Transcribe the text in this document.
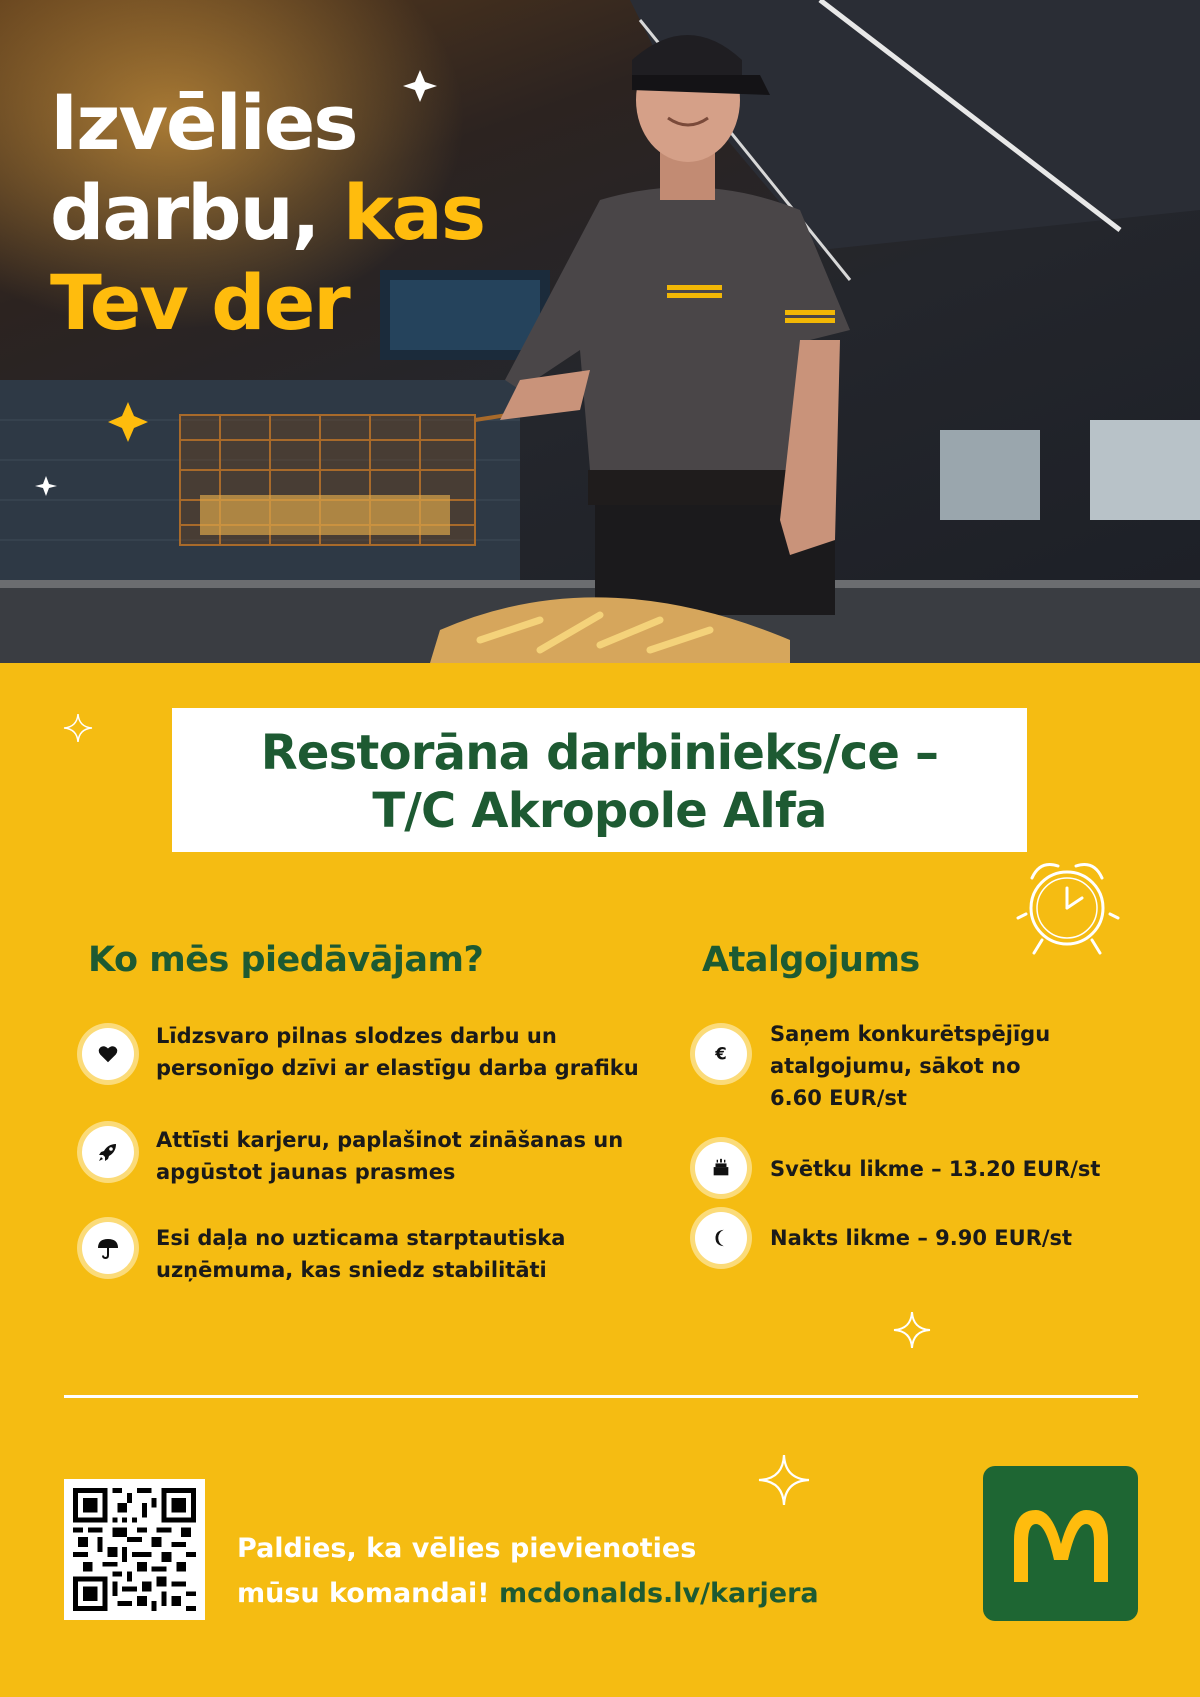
Izvēlies
darbu, kas
Tev der
Restorāna darbinieks/ce –
T/C Akropole Alfa
Ko mēs piedāvājam?
Līdzsvaro pilnas slodzes darbu un
personīgo dzīvi ar elastīgu darba grafiku
Attīsti karjeru, paplašinot zināšanas un
apgūstot jaunas prasmes
Esi daļa no uzticama starptautiska
uzņēmuma, kas sniedz stabilitāti
Atalgojums
€
Saņem konkurētspējīgu
atalgojumu, sākot no
6.60 EUR/st
Svētku likme – 13.20 EUR/st
Nakts likme – 9.90 EUR/st
Paldies, ka vēlies pievienoties
mūsu komandai! mcdonalds.lv/karjera
